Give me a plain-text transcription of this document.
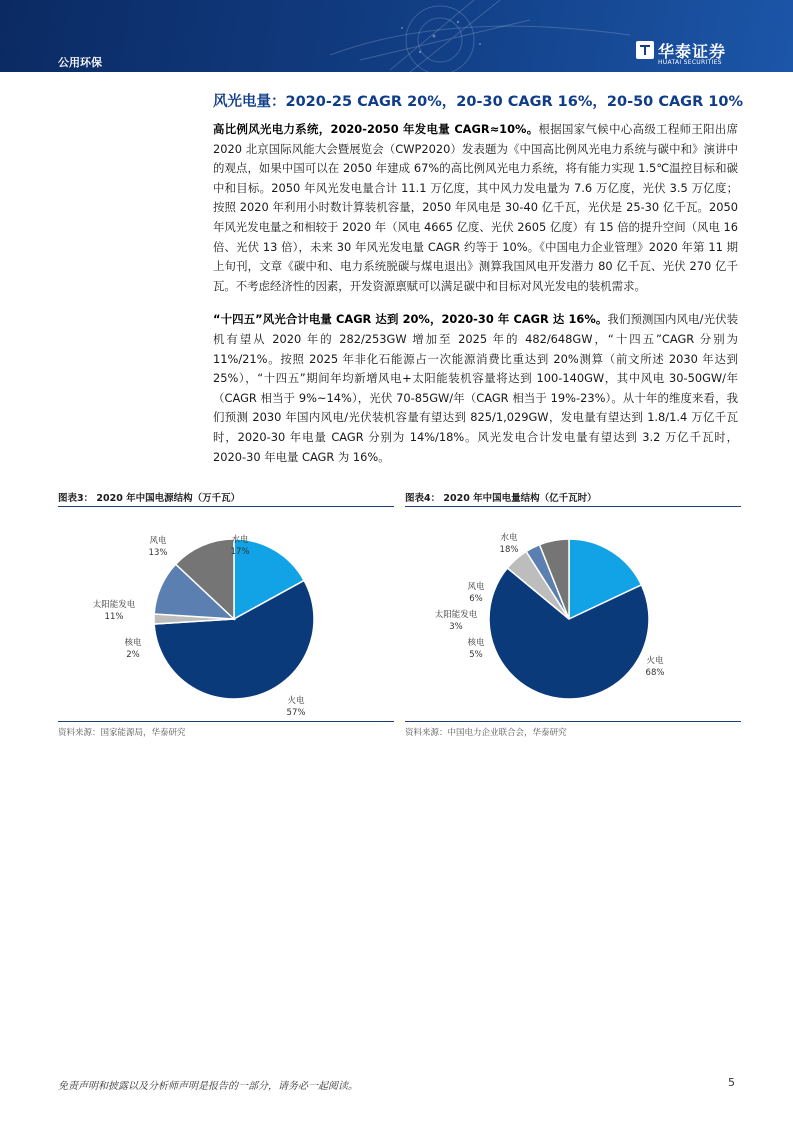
公用环保
华泰证券
HUATAI SECURITIES
风光电量：2020-25 CAGR 20%，20-30 CAGR 16%，20-50 CAGR 10%

高比例风光电力系统，2020-2050 年发电量 CAGR≈10%。根据国家气候中心高级工程师王阳出席 2020 北京国际风能大会暨展览会（CWP2020）发表题为《中国高比例风光电力系统与碳中和》演讲中的观点，如果中国可以在 2050 年建成 67%的高比例风光电力系统，将有能力实现 1.5℃温控目标和碳中和目标。2050 年风光发电量合计 11.1 万亿度，其中风力发电量为 7.6 万亿度，光伏 3.5 万亿度；按照 2020 年利用小时数计算装机容量，2050 年风电是 30-40 亿千瓦，光伏是 25-30 亿千瓦。2050 年风光发电量之和相较于 2020 年（风电 4665 亿度、光伏 2605 亿度）有 15 倍的提升空间（风电 16 倍、光伏 13 倍），未来 30 年风光发电量 CAGR 约等于 10%。《中国电力企业管理》2020 年第 11 期上旬刊，文章《碳中和、电力系统脱碳与煤电退出》测算我国风电开发潜力 80 亿千瓦、光伏 270 亿千瓦。不考虑经济性的因素，开发资源禀赋可以满足碳中和目标对风光发电的装机需求。

“十四五”风光合计电量 CAGR 达到 20%，2020-30 年 CAGR 达 16%。我们预测国内风电/光伏装机有望从 2020 年的 282/253GW 增加至 2025 年的 482/648GW，“十四五”CAGR 分别为 11%/21%。按照 2025 年非化石能源占一次能源消费比重达到 20%测算（前文所述 2030 年达到 25%），“十四五”期间年均新增风电+太阳能装机容量将达到 100-140GW，其中风电 30-50GW/年（CAGR 相当于 9%~14%），光伏 70-85GW/年（CAGR 相当于 19%-23%）。从十年的维度来看，我们预测 2030 年国内风电/光伏装机容量有望达到 825/1,029GW，发电量有望达到 1.8/1.4 万亿千瓦时，2020-30 年电量 CAGR 分别为 14%/18%。风光发电合计发电量有望达到 3.2 万亿千瓦时，2020-30 年电量 CAGR 为 16%。

图表3： 2020 年中国电源结构（万千瓦）
水电
17%
火电
57%
核电
2%
太阳能发电
11%
风电
13%
资料来源：国家能源局，华泰研究
图表4： 2020 年中国电量结构（亿千瓦时）
水电
18%
火电
68%
核电
5%
太阳能发电
3%
风电
6%
资料来源：中国电力企业联合会，华泰研究
免责声明和披露以及分析师声明是报告的一部分，请务必一起阅读。	5
